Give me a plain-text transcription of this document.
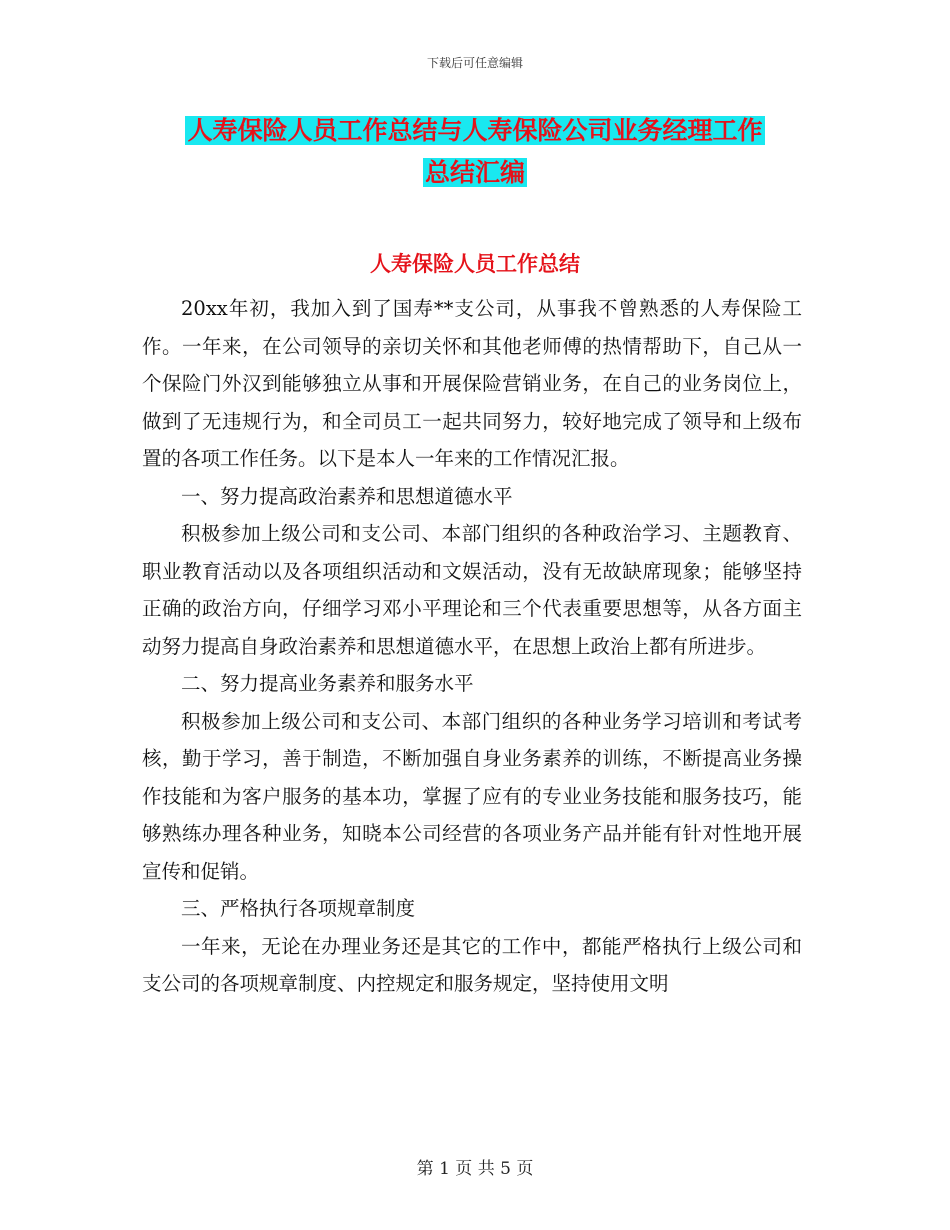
下载后可任意编辑
人寿保险人员工作总结与人寿保险公司业务经理工作
总结汇编
人寿保险人员工作总结

20xx年初，我加入到了国寿**支公司，从事我不曾熟悉的人寿保险工作。一年来，在公司领导的亲切关怀和其他老师傅的热情帮助下，自己从一个保险门外汉到能够独立从事和开展保险营销业务，在自己的业务岗位上，做到了无违规行为，和全司员工一起共同努力，较好地完成了领导和上级布置的各项工作任务。以下是本人一年来的工作情况汇报。

一、努力提高政治素养和思想道德水平

积极参加上级公司和支公司、本部门组织的各种政治学习、主题教育、职业教育活动以及各项组织活动和文娱活动，没有无故缺席现象；能够坚持正确的政治方向，仔细学习邓小平理论和三个代表重要思想等，从各方面主动努力提高自身政治素养和思想道德水平，在思想上政治上都有所进步。

二、努力提高业务素养和服务水平

积极参加上级公司和支公司、本部门组织的各种业务学习培训和考试考核，勤于学习，善于制造，不断加强自身业务素养的训练，不断提高业务操作技能和为客户服务的基本功，掌握了应有的专业业务技能和服务技巧，能够熟练办理各种业务，知晓本公司经营的各项业务产品并能有针对性地开展宣传和促销。

三、严格执行各项规章制度

一年来，无论在办理业务还是其它的工作中，都能严格执行上级公司和支公司的各项规章制度、内控规定和服务规定，坚持使用文明

第 1 页 共 5 页
